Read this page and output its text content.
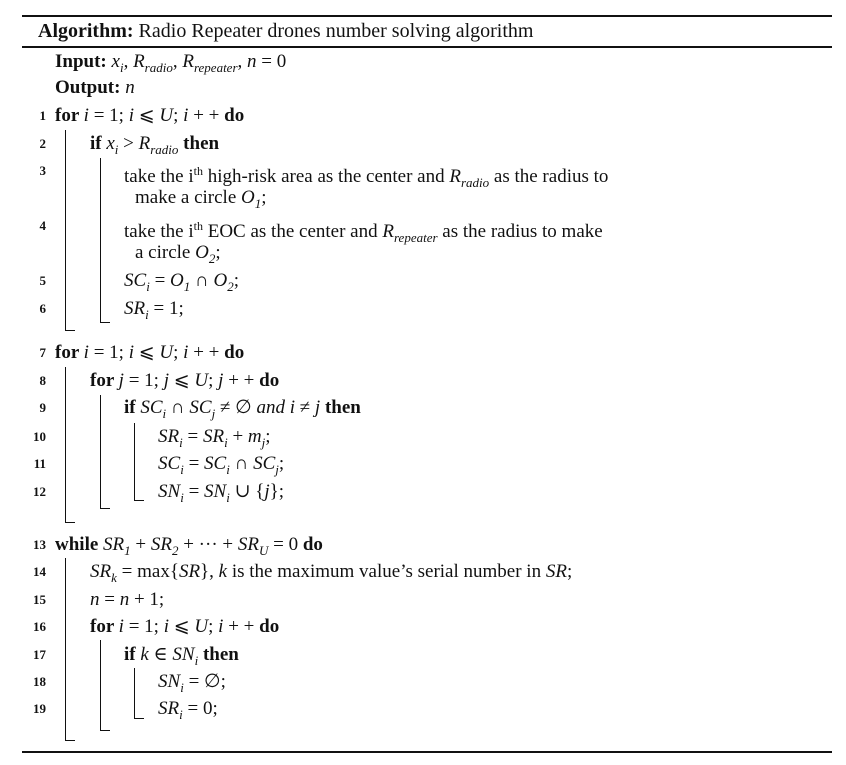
Algorithm: Radio Repeater drones number solving algorithm
Input: $x_i$, $R_{radio}$, $R_{repeater}$, n = 0
Output: n
1 for i = 1; i ⩽ U; i + + do
2 if $x_i > R_{radio}$ then
3	take the $i^{th}$ high-risk area as the center and $R_{radio}$ as the radius to
make a circle $O_1$;
4	take the $i^{th}$ EOC as the center and $R_{repeater}$ as the radius to make
a circle $O_2$;
5	$SC_i = O_1$ ∩ $O_2$;
6	$SR_i = 1$;
7 for i = 1; i ⩽ U; i + + do
8 for j = 1; j ⩽ U; j + + do
9	if $SC_i$ ∩ $SC_j$ ≠ ∅ and i ≠ j then
10	$SR_i = SR_i + m_j$;
11	$SC_i = SC_i$ ∩ $SC_j$;
12	$SN_i = SN_i$ ∪ {j};
13 while $SR_1 + SR_2$ + ··· + $SR_U = 0$ do
14 $SR_k = \max\{SR\}$, k is the maximum value’s serial number in SR;
15 n = n + 1;
16 for i = 1; i ⩽ U; i + + do
17	if k ∈ $SN_i$ then
18	$SN_i$ = ∅;
19	$SR_i = 0$;
